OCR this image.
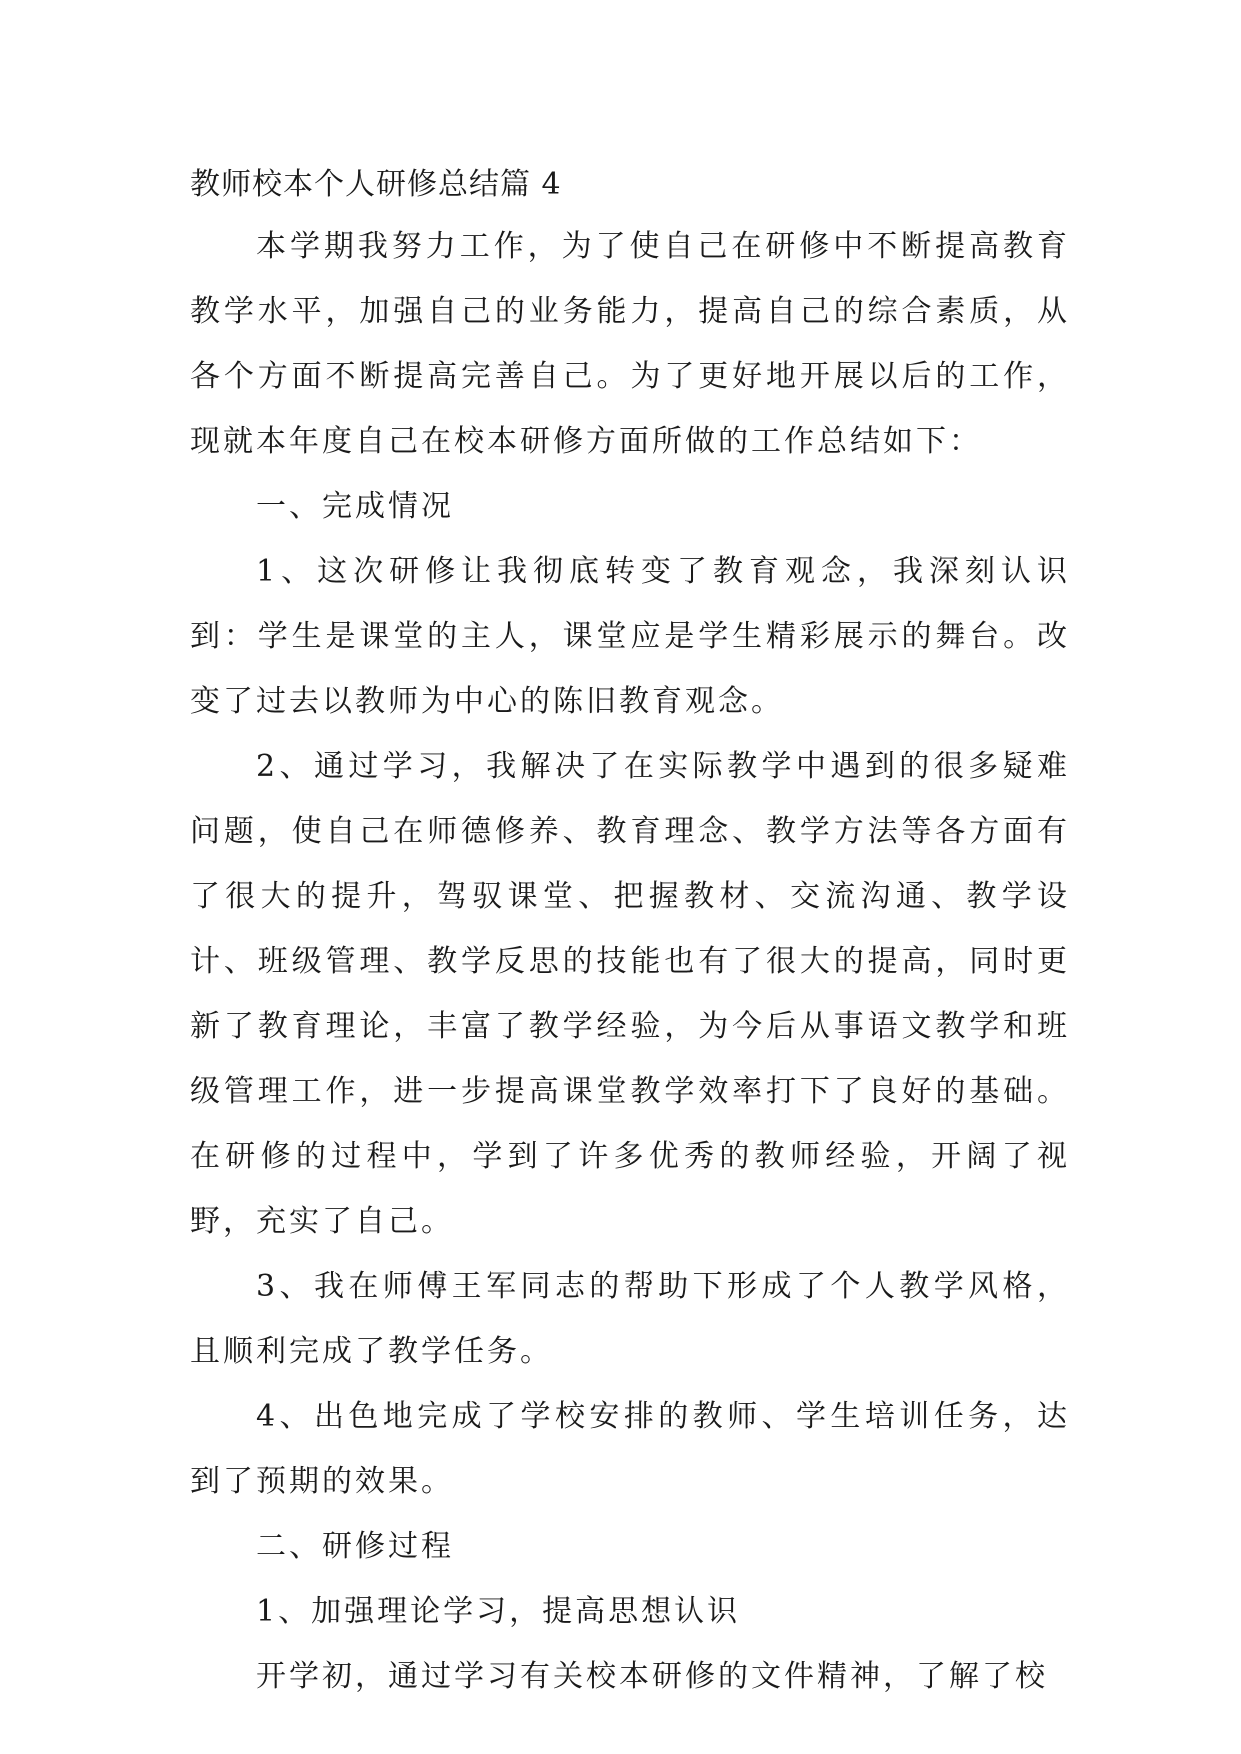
教师校本个人研修总结篇 4

本学期我努力工作，为了使自己在研修中不断提高教育教学水平，加强自己的业务能力，提高自己的综合素质，从各个方面不断提高完善自己。为了更好地开展以后的工作，现就本年度自己在校本研修方面所做的工作总结如下：

一、完成情况

1、这次研修让我彻底转变了教育观念，我深刻认识到：学生是课堂的主人，课堂应是学生精彩展示的舞台。改变了过去以教师为中心的陈旧教育观念。

2、通过学习，我解决了在实际教学中遇到的很多疑难问题，使自己在师德修养、教育理念、教学方法等各方面有了很大的提升，驾驭课堂、把握教材、交流沟通、教学设计、班级管理、教学反思的技能也有了很大的提高，同时更新了教育理论，丰富了教学经验，为今后从事语文教学和班级管理工作，进一步提高课堂教学效率打下了良好的基础。在研修的过程中，学到了许多优秀的教师经验，开阔了视野，充实了自己。

3、我在师傅王军同志的帮助下形成了个人教学风格，且顺利完成了教学任务。

4、出色地完成了学校安排的教师、学生培训任务，达到了预期的效果。

二、研修过程

1、加强理论学习，提高思想认识

开学初，通过学习有关校本研修的文件精神，了解了校
